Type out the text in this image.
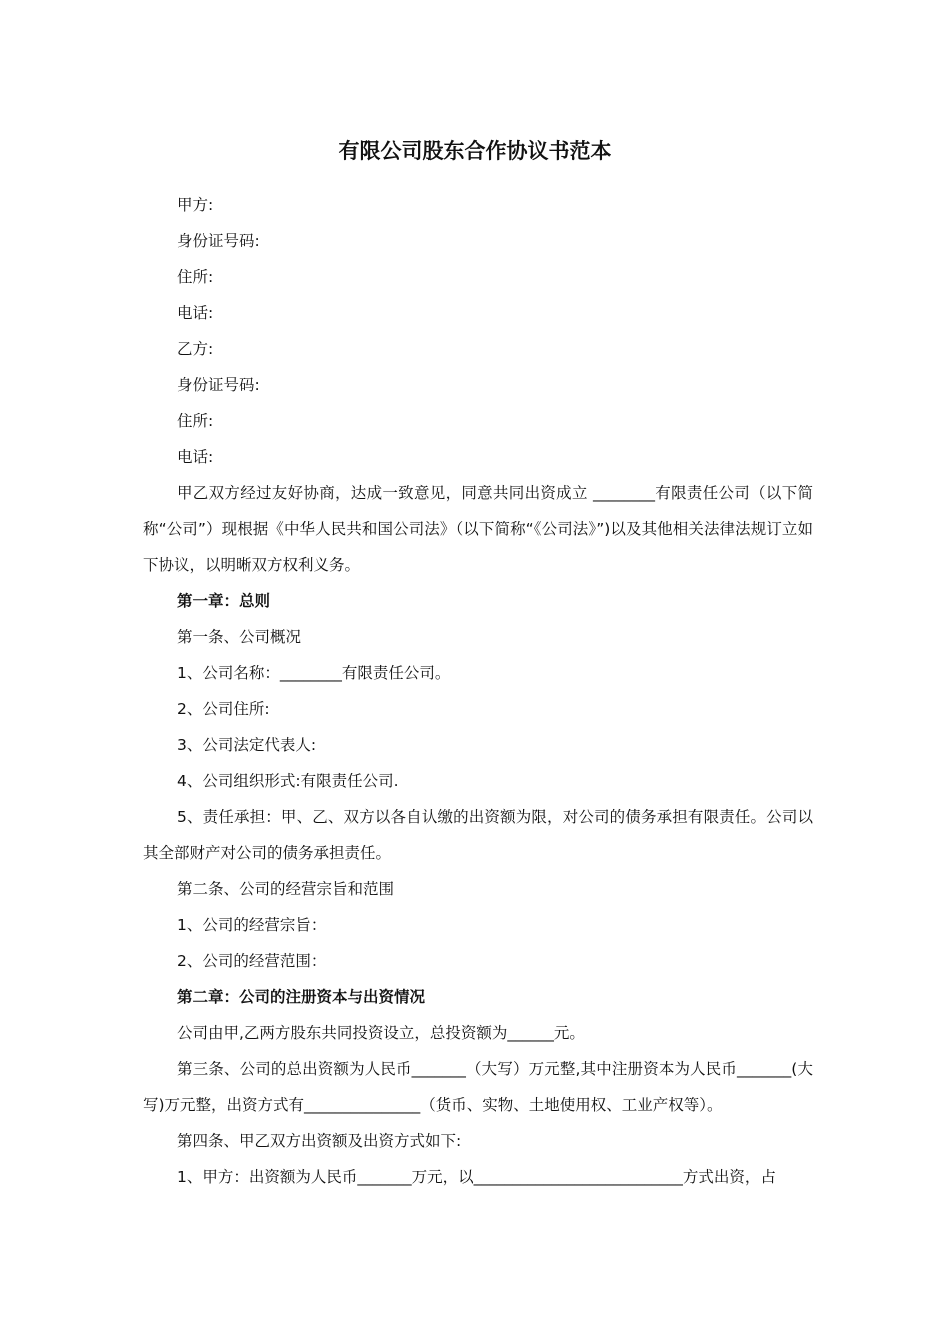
有限公司股东合作协议书范本

甲方:

身份证号码:

住所:

电话:

乙方:

身份证号码:

住所:

电话:

甲乙双方经过友好协商，达成一致意见，同意共同出资成立 ________有限责任公司（以下简称“公司”）现根据《中华人民共和国公司法》（以下简称“《公司法》”)以及其他相关法律法规订立如下协议，以明晰双方权利义务。

第一章：总则

第一条、公司概况

1、公司名称：________有限责任公司。

2、公司住所:

3、公司法定代表人:

4、公司组织形式:有限责任公司.

5、责任承担：甲、乙、双方以各自认缴的出资额为限，对公司的债务承担有限责任。公司以其全部财产对公司的债务承担责任。

第二条、公司的经营宗旨和范围

1、公司的经营宗旨：

2、公司的经营范围：

第二章：公司的注册资本与出资情况

公司由甲,乙两方股东共同投资设立，总投资额为______元。

第三条、公司的总出资额为人民币_______（大写）万元整,其中注册资本为人民币_______(大写)万元整，出资方式有_______________（货币、实物、土地使用权、工业产权等）。

第四条、甲乙双方出资额及出资方式如下:

1、甲方：出资额为人民币_______万元，以___________________________方式出资，占
